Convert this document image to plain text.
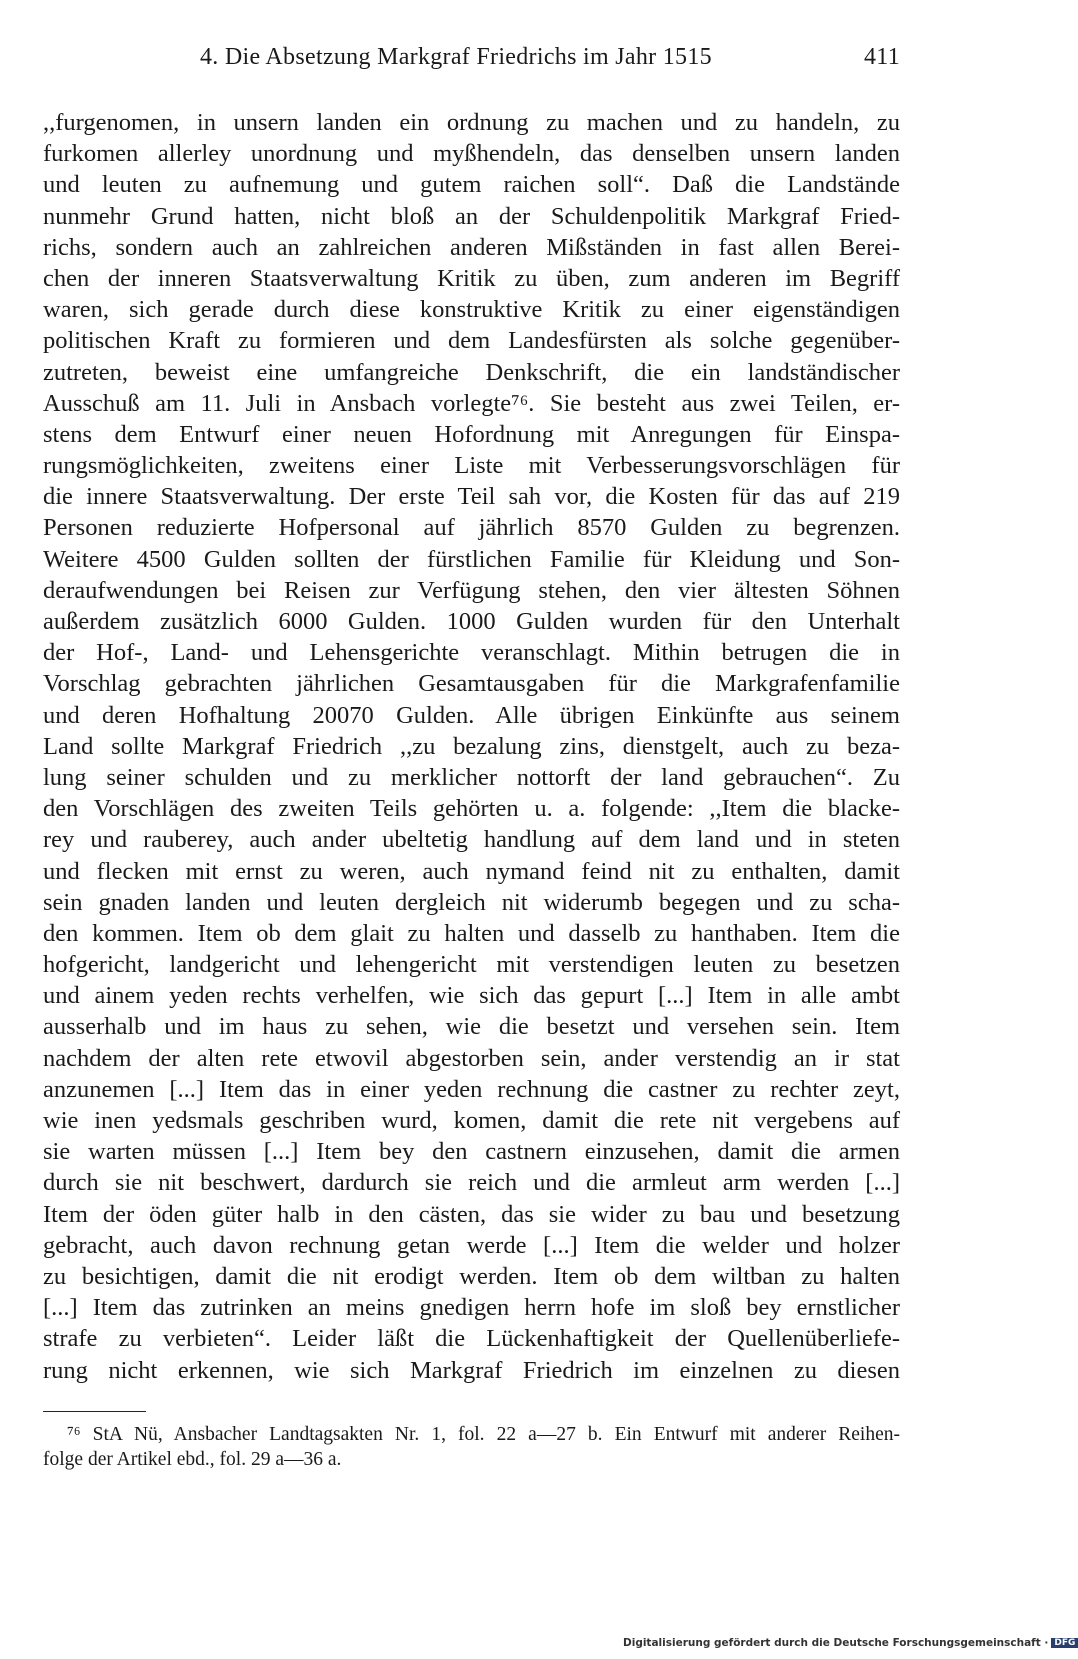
4. Die Absetzung Markgraf Friedrichs im Jahr 1515	411
,,furgenomen, in unsern landen ein ordnung zu machen und zu handeln, zu
furkomen allerley unordnung und myßhendeln, das denselben unsern landen
und leuten zu aufnemung und gutem raichen soll“. Daß die Landstände
nunmehr Grund hatten, nicht bloß an der Schuldenpolitik Markgraf Fried-
richs, sondern auch an zahlreichen anderen Mißständen in fast allen Berei-
chen der inneren Staatsverwaltung Kritik zu üben, zum anderen im Begriff
waren, sich gerade durch diese konstruktive Kritik zu einer eigenständigen
politischen Kraft zu formieren und dem Landesfürsten als solche gegenüber-
zutreten, beweist eine umfangreiche Denkschrift, die ein landständischer
Ausschuß am 11. Juli in Ansbach vorlegte⁷⁶. Sie besteht aus zwei Teilen, er-
stens dem Entwurf einer neuen Hofordnung mit Anregungen für Einspa-
rungsmöglichkeiten, zweitens einer Liste mit Verbesserungsvorschlägen für
die innere Staatsverwaltung. Der erste Teil sah vor, die Kosten für das auf 219
Personen reduzierte Hofpersonal auf jährlich 8570 Gulden zu begrenzen.
Weitere 4500 Gulden sollten der fürstlichen Familie für Kleidung und Son-
deraufwendungen bei Reisen zur Verfügung stehen, den vier ältesten Söhnen
außerdem zusätzlich 6000 Gulden. 1000 Gulden wurden für den Unterhalt
der Hof-, Land- und Lehensgerichte veranschlagt. Mithin betrugen die in
Vorschlag gebrachten jährlichen Gesamtausgaben für die Markgrafenfamilie
und deren Hofhaltung 20070 Gulden. Alle übrigen Einkünfte aus seinem
Land sollte Markgraf Friedrich ,,zu bezalung zins, dienstgelt, auch zu beza-
lung seiner schulden und zu merklicher nottorft der land gebrauchen“. Zu
den Vorschlägen des zweiten Teils gehörten u. a. folgende: ,,Item die blacke-
rey und rauberey, auch ander ubeltetig handlung auf dem land und in steten
und flecken mit ernst zu weren, auch nymand feind nit zu enthalten, damit
sein gnaden landen und leuten dergleich nit widerumb begegen und zu scha-
den kommen. Item ob dem glait zu halten und dasselb zu hanthaben. Item die
hofgericht, landgericht und lehengericht mit verstendigen leuten zu besetzen
und ainem yeden rechts verhelfen, wie sich das gepurt [...] Item in alle ambt
ausserhalb und im haus zu sehen, wie die besetzt und versehen sein. Item
nachdem der alten rete etwovil abgestorben sein, ander verstendig an ir stat
anzunemen [...] Item das in einer yeden rechnung die castner zu rechter zeyt,
wie inen yedsmals geschriben wurd, komen, damit die rete nit vergebens auf
sie warten müssen [...] Item bey den castnern einzusehen, damit die armen
durch sie nit beschwert, dardurch sie reich und die armleut arm werden [...]
Item der öden güter halb in den cästen, das sie wider zu bau und besetzung
gebracht, auch davon rechnung getan werde [...] Item die welder und holzer
zu besichtigen, damit die nit erodigt werden. Item ob dem wiltban zu halten
[...] Item das zutrinken an meins gnedigen herrn hofe im sloß bey ernstlicher
strafe zu verbieten“. Leider läßt die Lückenhaftigkeit der Quellenüberliefe-
rung nicht erkennen, wie sich Markgraf Friedrich im einzelnen zu diesen
⁷⁶ StA Nü, Ansbacher Landtagsakten Nr. 1, fol. 22 a—27 b. Ein Entwurf mit anderer Reihen-
folge der Artikel ebd., fol. 29 a—36 a.
Digitalisierung gefördert durch die Deutsche Forschungsgemeinschaft · DFG
